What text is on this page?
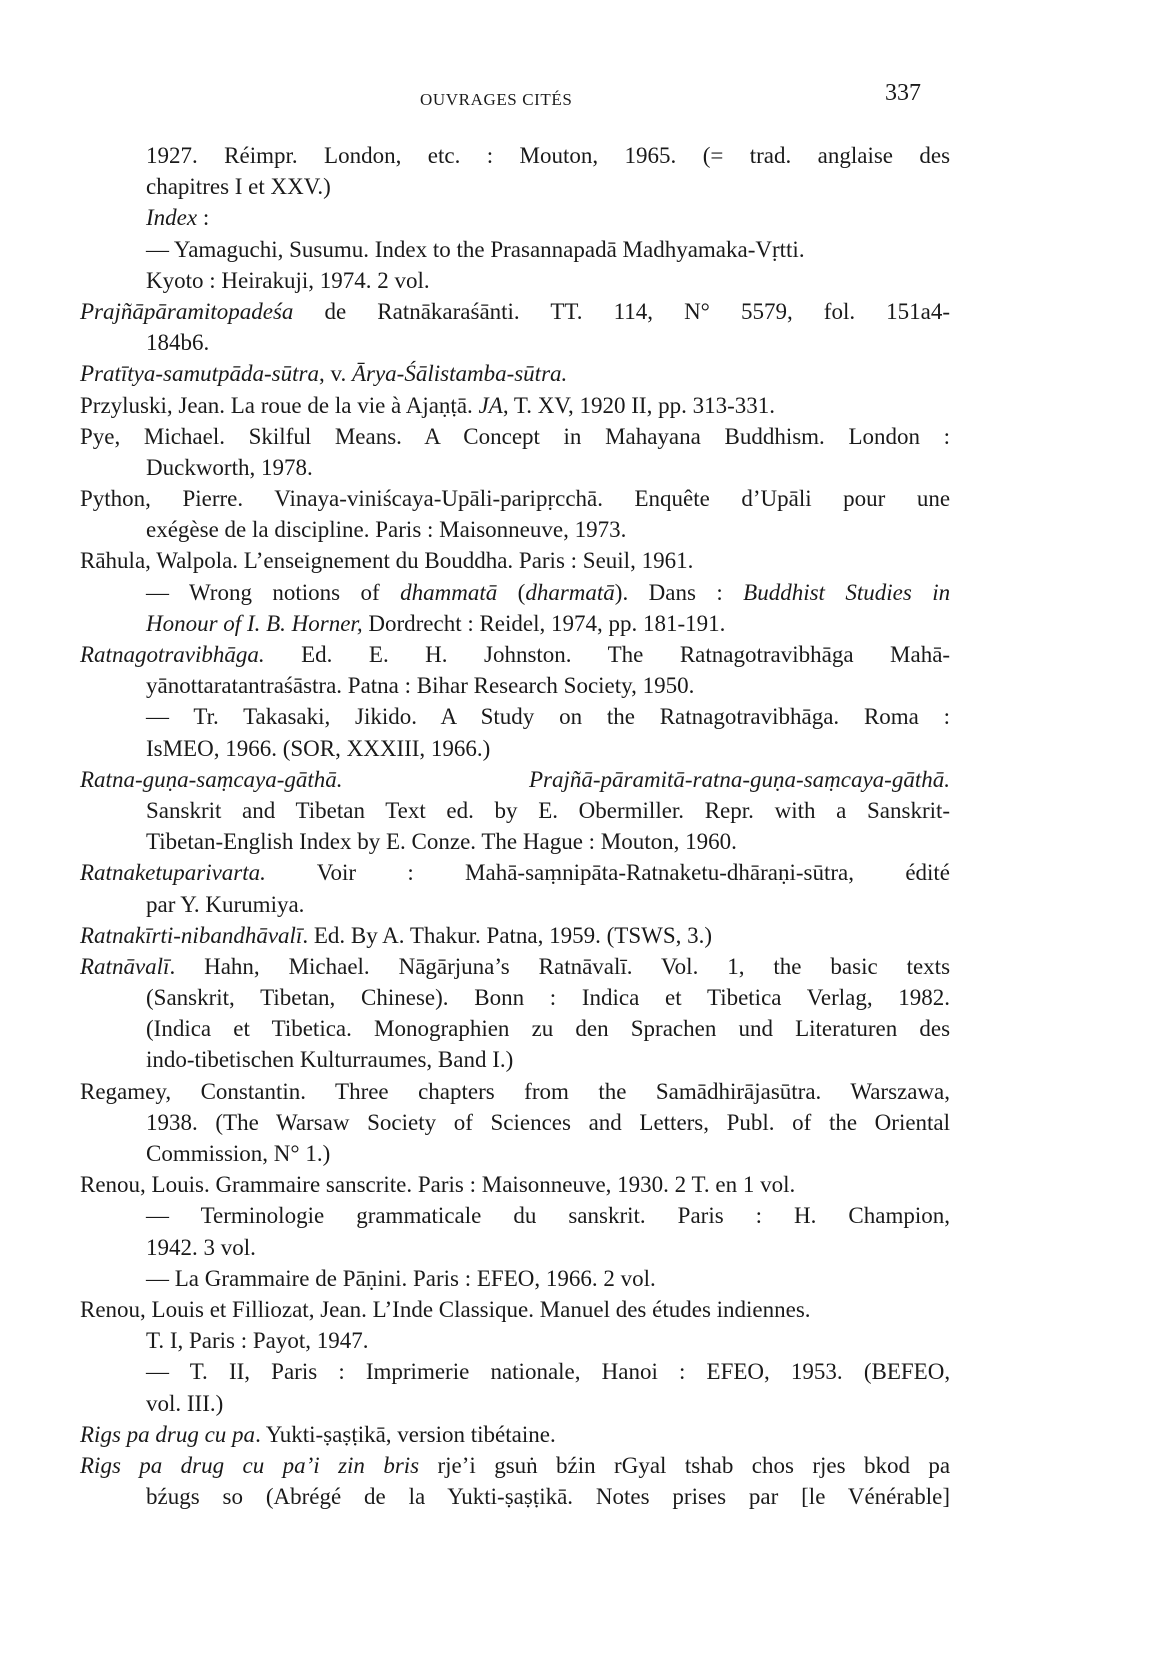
OUVRAGES CITÉS	337
1927. Réimpr. London, etc. : Mouton, 1965. (= trad. anglaise des
chapitres I et XXV.)
Index :
— Yamaguchi, Susumu. Index to the Prasannapadā Madhyamaka-Vṛtti.
Kyoto : Heirakuji, 1974. 2 vol.
Prajñāpāramitopadeśa de Ratnākaraśānti. TT. 114, N° 5579, fol. 151a4-
184b6.
Pratītya-samutpāda-sūtra, v. Ārya-Śālistamba-sūtra.
Przyluski, Jean. La roue de la vie à Ajaṇṭā. JA, T. XV, 1920 II, pp. 313-331.
Pye, Michael. Skilful Means. A Concept in Mahayana Buddhism. London :
Duckworth, 1978.
Python, Pierre. Vinaya-viniścaya-Upāli-paripṛcchā. Enquête d’Upāli pour une
exégèse de la discipline. Paris : Maisonneuve, 1973.
Rāhula, Walpola. L’enseignement du Bouddha. Paris : Seuil, 1961.
— Wrong notions of dhammatā (dharmatā). Dans : Buddhist Studies in
Honour of I. B. Horner, Dordrecht : Reidel, 1974, pp. 181-191.
Ratnagotravibhāga. Ed. E. H. Johnston. The Ratnagotravibhāga Mahā-
yānottaratantraśāstra. Patna : Bihar Research Society, 1950.
— Tr. Takasaki, Jikido. A Study on the Ratnagotravibhāga. Roma :
IsMEO, 1966. (SOR, XXXIII, 1966.)
Ratna-guṇa-saṃcaya-gāthā.	Prajñā-pāramitā-ratna-guṇa-saṃcaya-gāthā.
Sanskrit and Tibetan Text ed. by E. Obermiller. Repr. with a Sanskrit-
Tibetan-English Index by E. Conze. The Hague : Mouton, 1960.
Ratnaketuparivarta. Voir : Mahā-saṃnipāta-Ratnaketu-dhāraṇi-sūtra, édité
par Y. Kurumiya.
Ratnakīrti-nibandhāvalī. Ed. By A. Thakur. Patna, 1959. (TSWS, 3.)
Ratnāvalī. Hahn, Michael. Nāgārjuna’s Ratnāvalī. Vol. 1, the basic texts
(Sanskrit, Tibetan, Chinese). Bonn : Indica et Tibetica Verlag, 1982.
(Indica et Tibetica. Monographien zu den Sprachen und Literaturen des
indo-tibetischen Kulturraumes, Band I.)
Regamey, Constantin. Three chapters from the Samādhirājasūtra. Warszawa,
1938. (The Warsaw Society of Sciences and Letters, Publ. of the Oriental
Commission, N° 1.)
Renou, Louis. Grammaire sanscrite. Paris : Maisonneuve, 1930. 2 T. en 1 vol.
— Terminologie grammaticale du sanskrit. Paris : H. Champion,
1942. 3 vol.
— La Grammaire de Pāṇini. Paris : EFEO, 1966. 2 vol.
Renou, Louis et Filliozat, Jean. L’Inde Classique. Manuel des études indiennes.
T. I, Paris : Payot, 1947.
— T. II, Paris : Imprimerie nationale, Hanoi : EFEO, 1953. (BEFEO,
vol. III.)
Rigs pa drug cu pa. Yukti-ṣaṣṭikā, version tibétaine.
Rigs pa drug cu pa’i zin bris rje’i gsuṅ bźin rGyal tshab chos rjes bkod pa
bźugs so (Abrégé de la Yukti-ṣaṣṭikā. Notes prises par [le Vénérable]
